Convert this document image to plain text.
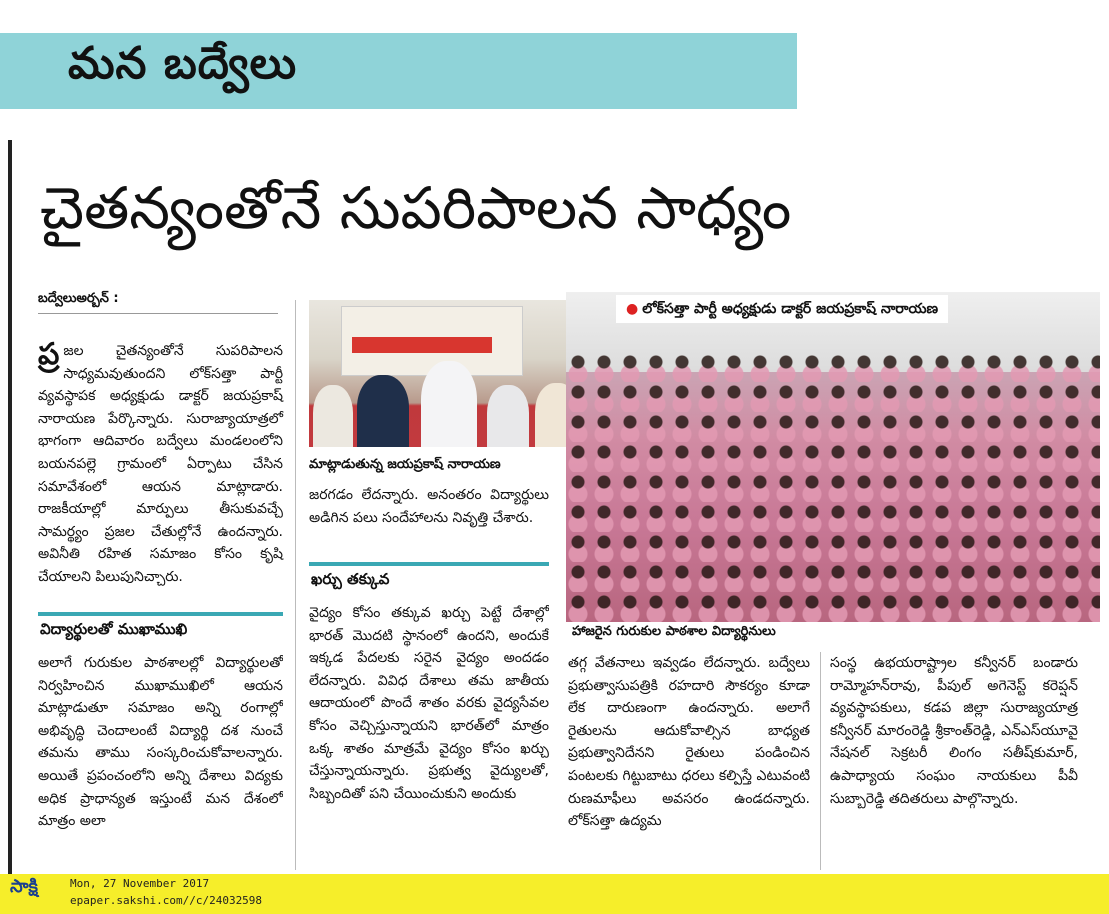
మన బద్వేలు
చైతన్యంతోనే సుపరిపాలన సాధ్యం
బద్వేలుఅర్బన్ :
ప్ర జల చైతన్యంతోనే సుపరిపాలన సాధ్యమవుతుందని లోక్‌సత్తా పార్టీ వ్యవస్థాపక అధ్యక్షుడు డాక్టర్ జయప్రకాష్ నారాయణ పేర్కొన్నారు. సురాజ్యాయాత్రలో భాగంగా ఆదివారం బద్వేలు మండలంలోని బయనపల్లె గ్రామంలో ఏర్పాటు చేసిన సమావేశంలో ఆయన మాట్లాడారు. రాజకీయాల్లో మార్పులు తీసుకువచ్చే సామర్థ్యం ప్రజల చేతుల్లోనే ఉందన్నారు. అవినీతి రహిత సమాజం కోసం కృషి చేయాలని పిలుపునిచ్చారు.
విద్యార్థులతో ముఖాముఖి
అలాగే గురుకుల పాఠశాలల్లో విద్యార్థులతో నిర్వహించిన ముఖాముఖిలో ఆయన మాట్లాడుతూ సమాజం అన్ని రంగాల్లో అభివృద్ధి చెందాలంటే విద్యార్థి దశ నుంచే తమను తాము సంస్కరించుకోవాలన్నారు. అయితే ప్రపంచంలోని అన్ని దేశాలు విద్యకు అధిక ప్రాధాన్యత ఇస్తుంటే మన దేశంలో మాత్రం అలా
మాట్లాడుతున్న జయప్రకాష్ నారాయణ
జరగడం లేదన్నారు. అనంతరం విద్యార్థులు అడిగిన పలు సందేహాలను నివృత్తి చేశారు.
ఖర్చు తక్కువ
వైద్యం కోసం తక్కువ ఖర్చు పెట్టే దేశాల్లో భారత్ మొదటి స్థానంలో ఉందని, అందుకే ఇక్కడ పేదలకు సరైన వైద్యం అందడం లేదన్నారు. వివిధ దేశాలు తమ జాతీయ ఆదాయంలో పొందే శాతం వరకు వైద్యసేవల కోసం వెచ్చిస్తున్నాయని భారత్‌లో మాత్రం ఒక్క శాతం మాత్రమే వైద్యం కోసం ఖర్చు చేస్తున్నాయన్నారు. ప్రభుత్వ వైద్యులతో, సిబ్బందితో పని చేయించుకుని అందుకు
● లోక్‌సత్తా పార్టీ అధ్యక్షుడు డాక్టర్ జయప్రకాష్ నారాయణ
హాజరైన గురుకుల పాఠశాల విద్యార్థినులు
తగ్గ వేతనాలు ఇవ్వడం లేదన్నారు. బద్వేలు ప్రభుత్వాసుపత్రికి రహదారి సౌకర్యం కూడా లేక దారుణంగా ఉందన్నారు. అలాగే రైతులను ఆదుకోవాల్సిన బాధ్యత ప్రభుత్వానిదేనని రైతులు పండించిన పంటలకు గిట్టుబాటు ధరలు కల్పిస్తే ఎటువంటి రుణమాఫీలు అవసరం ఉండదన్నారు. లోక్‌సత్తా ఉద్యమ
సంస్థ ఉభయరాష్ట్రాల కన్వీనర్ బండారు రామ్మోహన్‌రావు, పీపుల్ అగెనెస్ట్ కరెప్షన్ వ్యవస్థాపకులు, కడప జిల్లా సురాజ్యయాత్ర కన్వీనర్ మారంరెడ్డి శ్రీకాంత్‌రెడ్డి, ఎన్‌ఎస్‌యూవై నేషనల్ సెక్రటరీ లింగం సతీష్‌కుమార్, ఉపాధ్యాయ సంఘం నాయకులు పీవీ సుబ్బారెడ్డి తదితరులు పాల్గొన్నారు.
సాక్షి	Mon, 27 November 2017
epaper.sakshi.com//c/24032598
